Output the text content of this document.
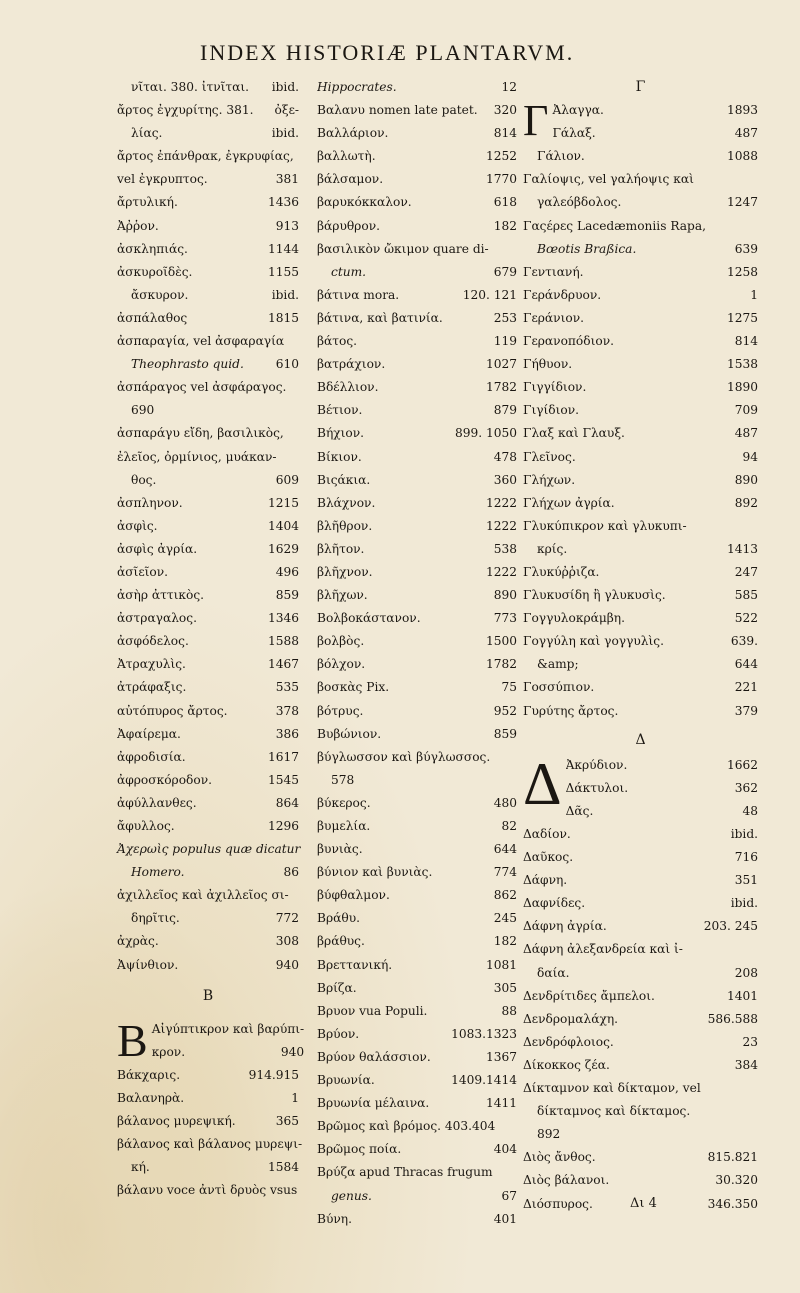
INDEX HISTORIÆ PLANTARVM.
νῖται. 380. ἰτνῖται.	ibid.
ἄρτος ἐγχυρίτης. 381.	ὀξε-
λίας.	ibid.
ἄρτος ἐπάνθρακ, ἐγκρυφίας,
vel ἐγκρυπτος.	381
ἄρτυλική.	1436
Ἀῤῥον.	913
ἀσκληπιάς.	1144
ἀσκυροῖδὲς.	1155
ἄσκυρον.	ibid.
ἀσπάλαθος	1815
ἀσπαραγία, vel ἀσφαραγία
Theophrasto quid.	610
ἀσπάραγος vel ἀσφάραγος.
690
ἀσπαράγυ εἴδη, βασιλικὸς,
ἐλεῖος, ὀρμίνιος, μυάκαν-
θος.	609
ἀσπληνον.	1215
ἀσφὶς.	1404
ἀσφὶς ἀγρία.	1629
ἀσῖεῖον.	496
ἀσὴρ ἀττικὸς.	859
ἀστραγαλος.	1346
ἀσφόδελος.	1588
Ἀτραχυλὶς.	1467
ἀτράφαξις.	535
αὐτόπυρος ἄρτος.	378
Ἀφαίρεμα.	386
ἀφροδισία.	1617
ἀφροσκόροδον.	1545
ἀφύλλανθες.	864
ἄφυλλος.	1296
Ἀχερωὶς populus quæ dicatur
Homero.	86
ἀχιλλεῖος καὶ ἀχιλλεῖος σι-
δηρῖτις.	772
ἀχρὰς.	308
Ἀψίνθιον.	940
B
Β Αἰγύπτικρον καὶ βαρύπι-
κρον.	940
Βάκχαρις.	914.915
Βαλανηρὰ.	1
βάλανος μυρεψική.	365
βάλανος καὶ βάλανος μυρεψι-
κή.	1584
βάλανυ voce ἀντὶ δρυὸς vsus
Hippocrates.	12
Βαλανυ nomen late patet.	320
Βαλλάριον.	814
βαλλωτὴ.	1252
βάλσαμον.	1770
βαρυκόκκαλον.	618
βάρυθρον.	182
βασιλικὸν ὤκιμον quare di-
ctum.	679
βάτινα mora.	120. 121
βάτινα, καὶ βατινία.	253
βάτος.	119
βατράχιον.	1027
Βδέλλιον.	1782
Βέτιον.	879
Βήχιον.	899. 1050
Βίκιον.	478
Βιςάκια.	360
Βλάχνον.	1222
βλῆθρον.	1222
βλῆτον.	538
βλῆχνον.	1222
βλῆχων.	890
Βολβοκάστανον.	773
βολβὸς.	1500
βόλχον.	1782
βοσκὰς Pix.	75
βότρυς.	952
Βυβώνιον.	859
βύγλωσσον καὶ βύγλωσσος.
578
βύκερος.	480
βυμελία.	82
βυνιὰς.	644
βύνιον καὶ βυνιὰς.	774
βύφθαλμον.	862
Βράθυ.	245
βράθυς.	182
Βρεττανική.	1081
Βρίζα.	305
Βρυον vua Populi.	88
Βρύον.	1083.1323
Βρύον θαλάσσιον.	1367
Βρυωνία.	1409.1414
Βρυωνία μέλαινα.	1411
Βρῶμος καὶ βρόμος. 403.404
Βρῶμος ποία.	404
Βρύζα apud Thracas frugum
genus.	67
Βύνη.	401
Γ
Γ Ἀλαγγα.	1893
Γάλαξ.	487
Γάλιον.	1088
Γαλίοψις, vel γαλήοψις καὶ
γαλεόβδολος.	1247
Γαςέρες Lacedæmoniis Rapa,
Bœotis Braßica.	639
Γεντιανή.	1258
Γεράνδρυον.	1
Γεράνιον.	1275
Γερανοπόδιον.	814
Γήθυον.	1538
Γιγγίδιον.	1890
Γιγίδιον.	709
Γλαξ καὶ Γλαυξ.	487
Γλεῖνος.	94
Γλήχων.	890
Γλήχων ἀγρία.	892
Γλυκύπικρον καὶ γλυκυπι-
κρίς.	1413
Γλυκύῤῥιζα.	247
Γλυκυσίδη ἢ γλυκυσὶς.	585
Γογγυλοκράμβη.	522
Γογγύλη καὶ γογγυλὶς.	639.
&amp;	644
Γοσσύπιον.	221
Γυρύτης ἄρτος.	379
Δ
Δ Ἀκρύδιον.	1662
Δάκτυλοι.	362
Δᾶς.	48
Δαδίον.	ibid.
Δαῦκος.	716
Δάφνη.	351
Δαφνίδες.	ibid.
Δάφνη ἀγρία.	203. 245
Δάφνη ἀλεξανδρεία καὶ ἰ-
δαία.	208
Δενδρίτιδες ἄμπελοι.	1401
Δενδρομαλάχη.	586.588
Δενδρόφλοιος.	23
Δίκοκκος ζέα.	384
Δίκταμνον καὶ δίκταμον, vel
δίκταμνος καὶ δίκταμος.
892
Διὸς ἄνθος.	815.821
Διὸς βάλανοι.	30.320
Διόσπυρος.	346.350
Δι 4
